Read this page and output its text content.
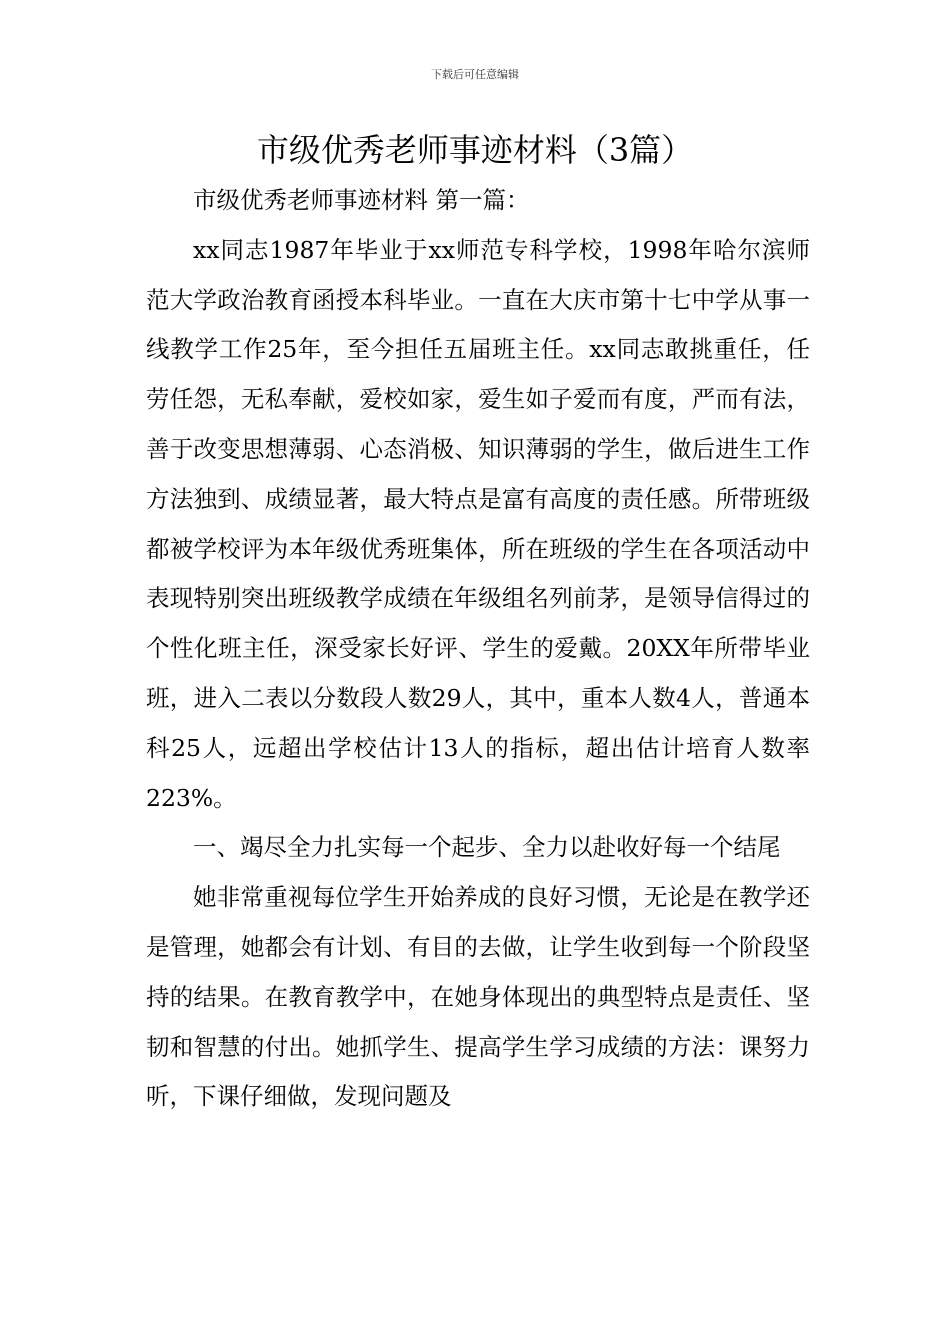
下载后可任意编辑
市级优秀老师事迹材料（3篇）

市级优秀老师事迹材料 第一篇：

xx同志1987年毕业于xx师范专科学校，1998年哈尔滨师范大学政治教育函授本科毕业。一直在大庆市第十七中学从事一线教学工作25年，至今担任五届班主任。xx同志敢挑重任，任劳任怨，无私奉献，爱校如家，爱生如子爱而有度，严而有法，善于改变思想薄弱、心态消极、知识薄弱的学生，做后进生工作方法独到、成绩显著，最大特点是富有高度的责任感。所带班级都被学校评为本年级优秀班集体，所在班级的学生在各项活动中表现特别突出班级教学成绩在年级组名列前茅，是领导信得过的个性化班主任，深受家长好评、学生的爱戴。20XX年所带毕业班，进入二表以分数段人数29人，其中，重本人数4人，普通本科25人，远超出学校估计13人的指标，超出估计培育人数率223%。

一、竭尽全力扎实每一个起步、全力以赴收好每一个结尾

她非常重视每位学生开始养成的良好习惯，无论是在教学还是管理，她都会有计划、有目的去做，让学生收到每一个阶段坚持的结果。在教育教学中，在她身体现出的典型特点是责任、坚韧和智慧的付出。她抓学生、提高学生学习成绩的方法：课努力听，下课仔细做，发现问题及
